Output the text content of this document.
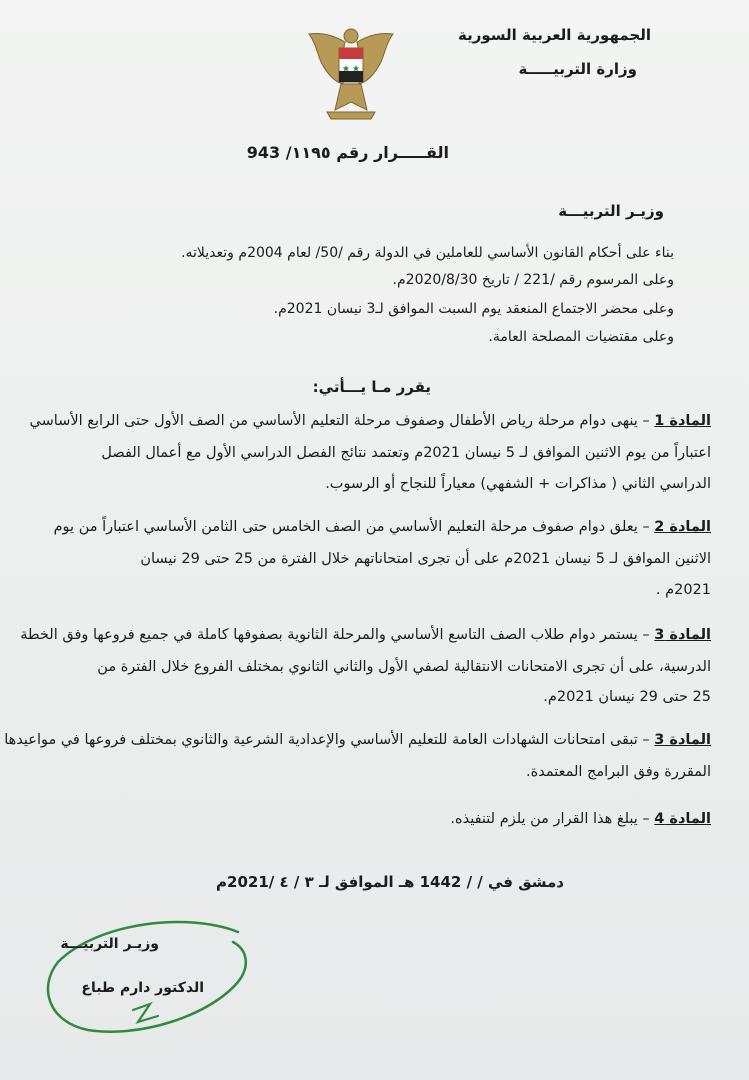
الجمهورية العربية السورية
وزارة التربيـــــة
القـــــرار رقم ١١٩٥/ 943
وزيـر التربيـــة
بناء على أحكام القانون الأساسي للعاملين في الدولة رقم /50/ لعام 2004م وتعديلاته.
وعلى المرسوم رقم /221 / تاريخ 2020/8/30م.
وعلى محضر الاجتماع المنعقد يوم السبت الموافق لـ3 نيسان 2021م.
وعلى مقتضيات المصلحة العامة.
يقرر مـا يـــأتي:
المادة 1 – ينهى دوام مرحلة رياض الأطفال وصفوف مرحلة التعليم الأساسي من الصف الأول حتى الرابع الأساسي
اعتباراً من يوم الاثنين الموافق لـ 5 نيسان 2021م وتعتمد نتائج الفصل الدراسي الأول مع أعمال الفصل
الدراسي الثاني ( مذاكرات + الشفهي) معياراً للنجاح أو الرسوب.
المادة 2 – يعلق دوام صفوف مرحلة التعليم الأساسي من الصف الخامس حتى الثامن الأساسي اعتباراً من يوم
الاثنين الموافق لـ 5 نيسان 2021م على أن تجرى امتحاناتهم خلال الفترة من 25 حتى 29 نيسان
2021م .
المادة 3 – يستمر دوام طلاب الصف التاسع الأساسي والمرحلة الثانوية بصفوفها كاملة في جميع فروعها وفق الخطة
الدرسية، على أن تجرى الامتحانات الانتقالية لصفي الأول والثاني الثانوي بمختلف الفروع خلال الفترة من
25 حتى 29 نيسان 2021م.
المادة 3 – تبقى امتحانات الشهادات العامة للتعليم الأساسي والإعدادية الشرعية والثانوي بمختلف فروعها في مواعيدها
المقررة وفق البرامج المعتمدة.
المادة 4 – يبلغ هذا القرار من يلزم لتنفيذه.
دمشق في / / 1442 هـ الموافق لـ ٣ / ٤ /2021م
وزيـر التربيـــة
الدكتور دارم طباع
